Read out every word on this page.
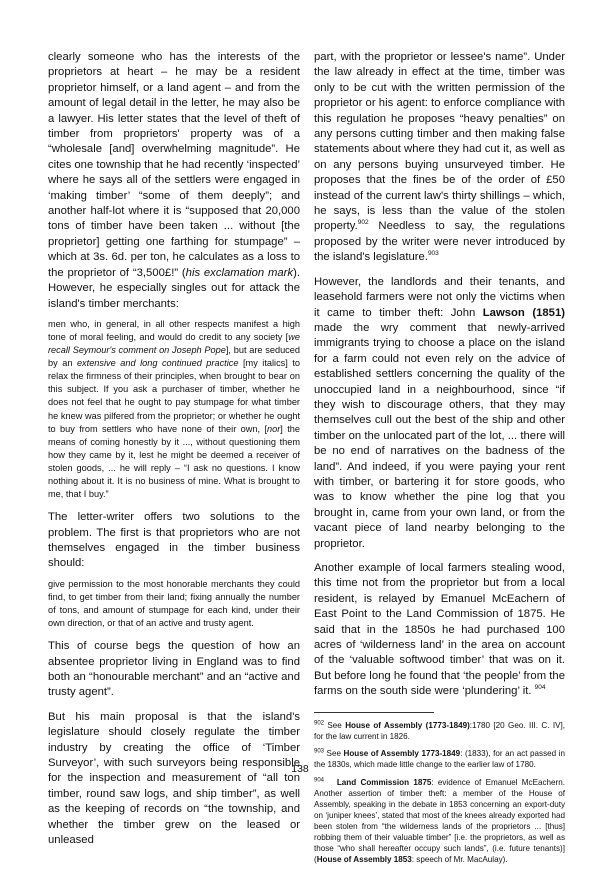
clearly someone who has the interests of the proprietors at heart – he may be a resident proprietor himself, or a land agent – and from the amount of legal detail in the letter, he may also be a lawyer. His letter states that the level of theft of timber from proprietors' property was of a “wholesale [and] overwhelming magnitude”. He cites one township that he had recently ‘inspected’ where he says all of the settlers were engaged in ‘making timber’ “some of them deeply”; and another half-lot where it is “supposed that 20,000 tons of timber have been taken ... without [the proprietor] getting one farthing for stumpage” – which at 3s. 6d. per ton, he calculates as a loss to the proprietor of “3,500£!” (his exclamation mark). However, he especially singles out for attack the island's timber merchants:

men who, in general, in all other respects manifest a high tone of moral feeling, and would do credit to any society [we recall Seymour's comment on Joseph Pope], but are seduced by an extensive and long continued practice [my italics] to relax the firmness of their principles, when brought to bear on this subject. If you ask a purchaser of timber, whether he does not feel that he ought to pay stumpage for what timber he knew was pilfered from the proprietor; or whether he ought to buy from settlers who have none of their own, [nor] the means of coming honestly by it ..., without questioning them how they came by it, lest he might be deemed a receiver of stolen goods, ... he will reply – “I ask no questions. I know nothing about it. It is no business of mine. What is brought to me, that I buy.”

The letter-writer offers two solutions to the problem. The first is that proprietors who are not themselves engaged in the timber business should:

give permission to the most honorable merchants they could find, to get timber from their land; fixing annually the number of tons, and amount of stumpage for each kind, under their own direction, or that of an active and trusty agent.

This of course begs the question of how an absentee proprietor living in England was to find both an “honourable merchant” and an “active and trusty agent”.

But his main proposal is that the island's legislature should closely regulate the timber industry by creating the office of ‘Timber Surveyor’, with such surveyors being responsible for the inspection and measurement of “all ton timber, round saw logs, and ship timber”, as well as the keeping of records on “the township, and whether the timber grew on the leased or unleased

part, with the proprietor or lessee's name”. Under the law already in effect at the time, timber was only to be cut with the written permission of the proprietor or his agent: to enforce compliance with this regulation he proposes “heavy penalties” on any persons cutting timber and then making false statements about where they had cut it, as well as on any persons buying unsurveyed timber. He proposes that the fines be of the order of £50 instead of the current law's thirty shillings – which, he says, is less than the value of the stolen property.$^{902}$ Needless to say, the regulations proposed by the writer were never introduced by the island's legislature.$^{903}$

However, the landlords and their tenants, and leasehold farmers were not only the victims when it came to timber theft: John Lawson (1851) made the wry comment that newly-arrived immigrants trying to choose a place on the island for a farm could not even rely on the advice of established settlers concerning the quality of the unoccupied land in a neighbourhood, since “if they wish to discourage others, that they may themselves cull out the best of the ship and other timber on the unlocated part of the lot, ... there will be no end of narratives on the badness of the land”. And indeed, if you were paying your rent with timber, or bartering it for store goods, who was to know whether the pine log that you brought in, came from your own land, or from the vacant piece of land nearby belonging to the proprietor.

Another example of local farmers stealing wood, this time not from the proprietor but from a local resident, is relayed by Emanuel McEachern of East Point to the Land Commission of 1875. He said that in the 1850s he had purchased 100 acres of ‘wilderness land’ in the area on account of the ‘valuable softwood timber’ that was on it. But before long he found that ‘the people’ from the farms on the south side were ‘plundering’ it. $^{904}$

$^{902}$ See House of Assembly (1773-1849):1780 [20 Geo. III. C. IV], for the law current in 1826.

$^{903}$ See House of Assembly 1773-1849: (1833), for an act passed in the 1830s, which made little change to the earlier law of 1780.

$^{904}$ Land Commission 1875: evidence of Emanuel McEachern. Another assertion of timber theft: a member of the House of Assembly, speaking in the debate in 1853 concerning an export-duty on ‘juniper knees’, stated that most of the knees already exported had been stolen from “the wilderness lands of the proprietors ... [thus] robbing them of their valuable timber” [i.e. the proprietors, as well as those “who shall hereafter occupy such lands”, (i.e. future tenants)] (House of Assembly 1853: speech of Mr. MacAulay).

138
